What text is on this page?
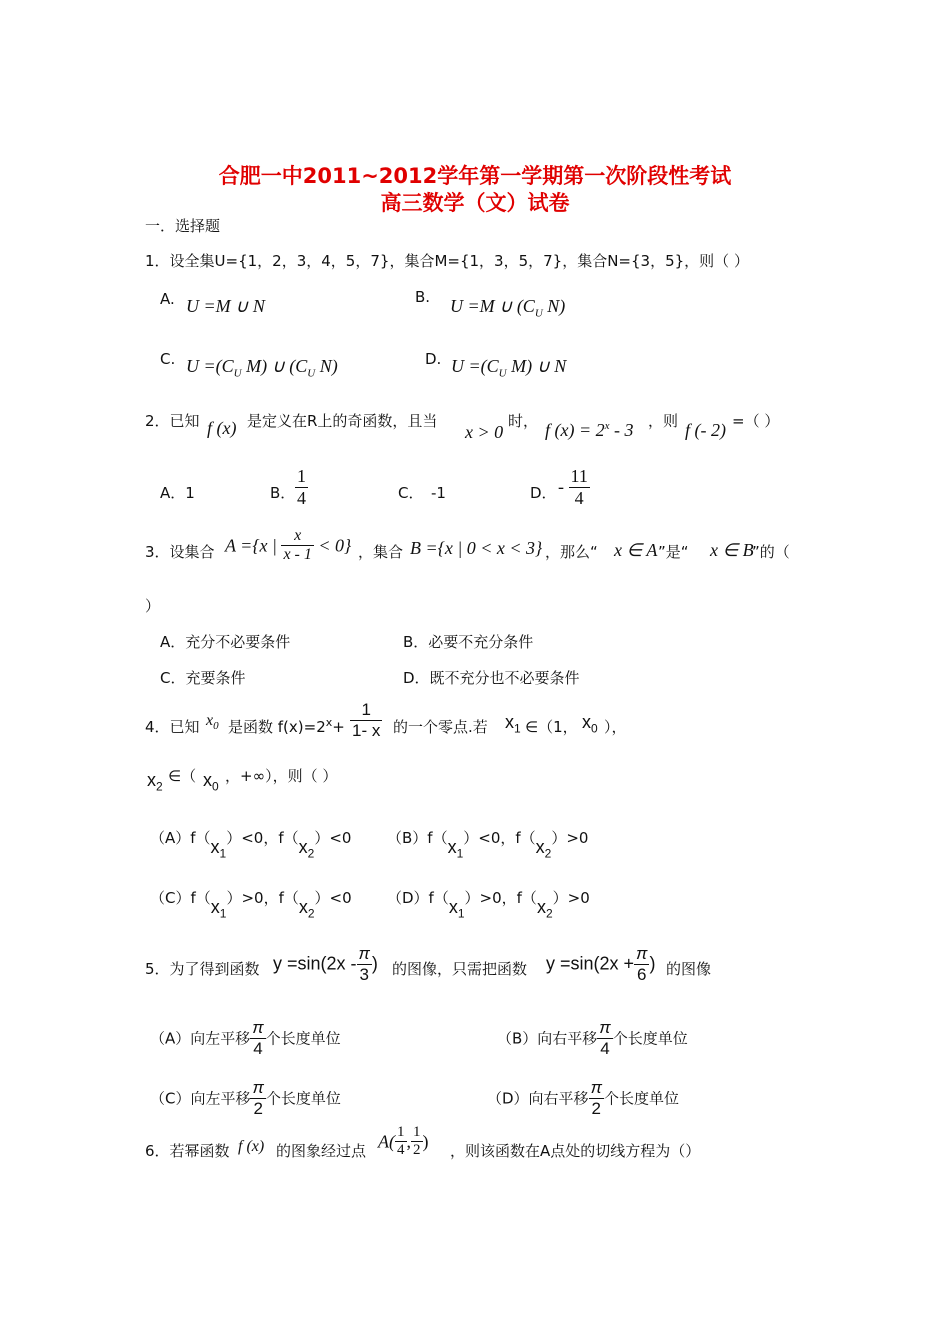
合肥一中2011~2012学年第一学期第一次阶段性考试
高三数学（文）试卷
一．选择题
1．设全集U={1，2，3，4，5，7}，集合M={1，3，5，7}，集合N={3，5}，则（ ）
A. U =M ∪ N	B. U =M ∪ ($C_U$ N)
C. $U =(C_U$ M) ∪ ($C_U$ N)	D. $U =(C_U$ M) ∪ N
2．已知 f (x) 是定义在R上的奇函数，且当
x > 0
时， f $(x) = 2^x - 3$ ，则 f (- 2) =（ ）
A．1	B． $\frac{1}{4}$	C．　-1	D． - $\frac{11}{4}$
3．设集合 A ={x | $\frac{x}{x - 1} < 0$} ，集合 B ={x | 0 < x < 3} ，那么“ x ∈ A ”是“ x ∈ B
”的（
）
A．充分不必要条件	B．必要不充分条件
C．充要条件	D．既不充分也不必要条件
4．已知 $x_0$ 是函数 $f(x)=2^x+ \frac{1}{1- x}$ 的一个零点.若 $x_1$ ∈（1， $x_0$ ），
$x_2$
∈（ $x_0$
，+∞），则（ ）
$(A)f(x_1)<0$，$f(x_2)<0$ $(B)f(x_1)<0$，$f(x_2)>0$
$(C)f(x_1)>0$，$f(x_2)<0$ $(D)f(x_1)>0$，$f(x_2)>0$
5．为了得到函数 $y =\sin(2x - \frac{\pi}{3}$ ) 的图像，只需把函数 $y =\sin(2x + \frac{\pi}{6}$ ) 的图像
（A）向左平移 $\frac{\pi}{4}$ 个长度单位	（B）向右平移 $\frac{\pi}{4}$ 个长度单位
（C）向左平移 $\frac{\pi}{2}$ 个长度单位	（D）向右平移 $\frac{\pi}{2}$ 个长度单位
6．若幂函数 f (x) 的图象经过点 $A( \frac{1}{4}$ , $\frac{1}{2}$ ) ，则该函数在A点处的切线方程为（）
